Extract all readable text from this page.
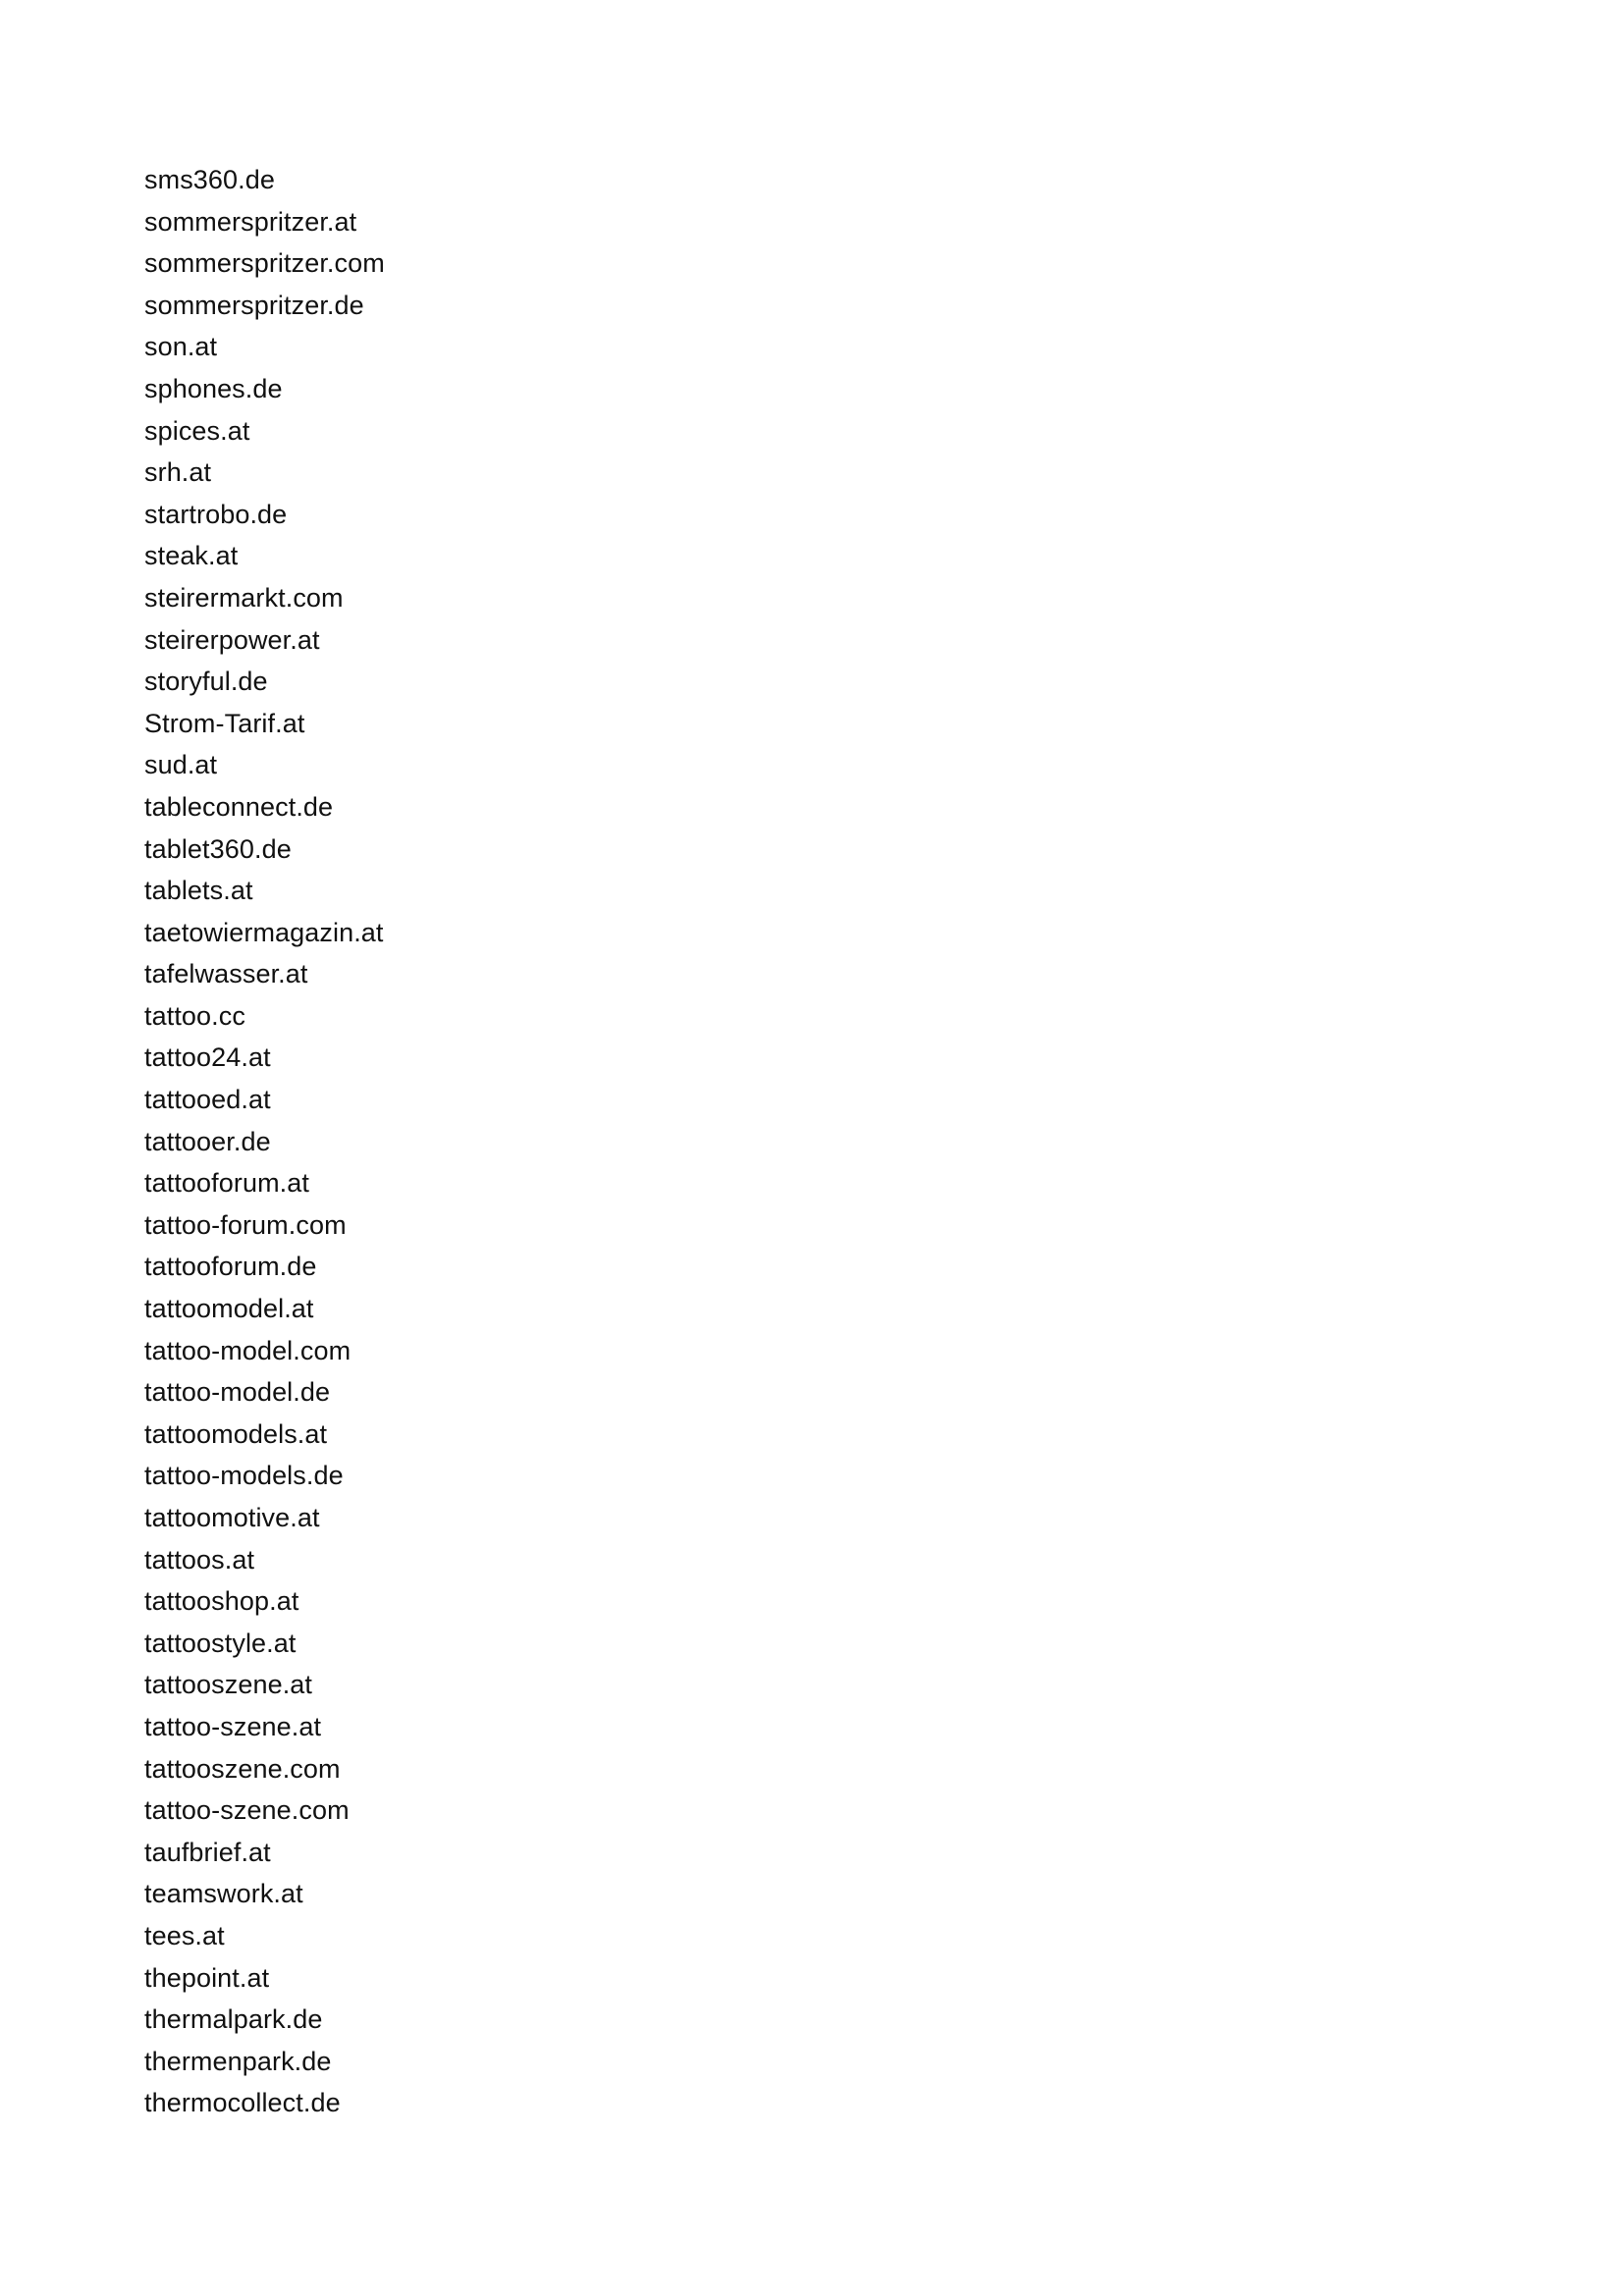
sms360.de
sommerspritzer.at
sommerspritzer.com
sommerspritzer.de
son.at
sphones.de
spices.at
srh.at
startrobo.de
steak.at
steirermarkt.com
steirerpower.at
storyful.de
Strom-Tarif.at
sud.at
tableconnect.de
tablet360.de
tablets.at
taetowiermagazin.at
tafelwasser.at
tattoo.cc
tattoo24.at
tattooed.at
tattooer.de
tattooforum.at
tattoo-forum.com
tattooforum.de
tattoomodel.at
tattoo-model.com
tattoo-model.de
tattoomodels.at
tattoo-models.de
tattoomotive.at
tattoos.at
tattooshop.at
tattoostyle.at
tattooszene.at
tattoo-szene.at
tattooszene.com
tattoo-szene.com
taufbrief.at
teamswork.at
tees.at
thepoint.at
thermalpark.de
thermenpark.de
thermocollect.de
